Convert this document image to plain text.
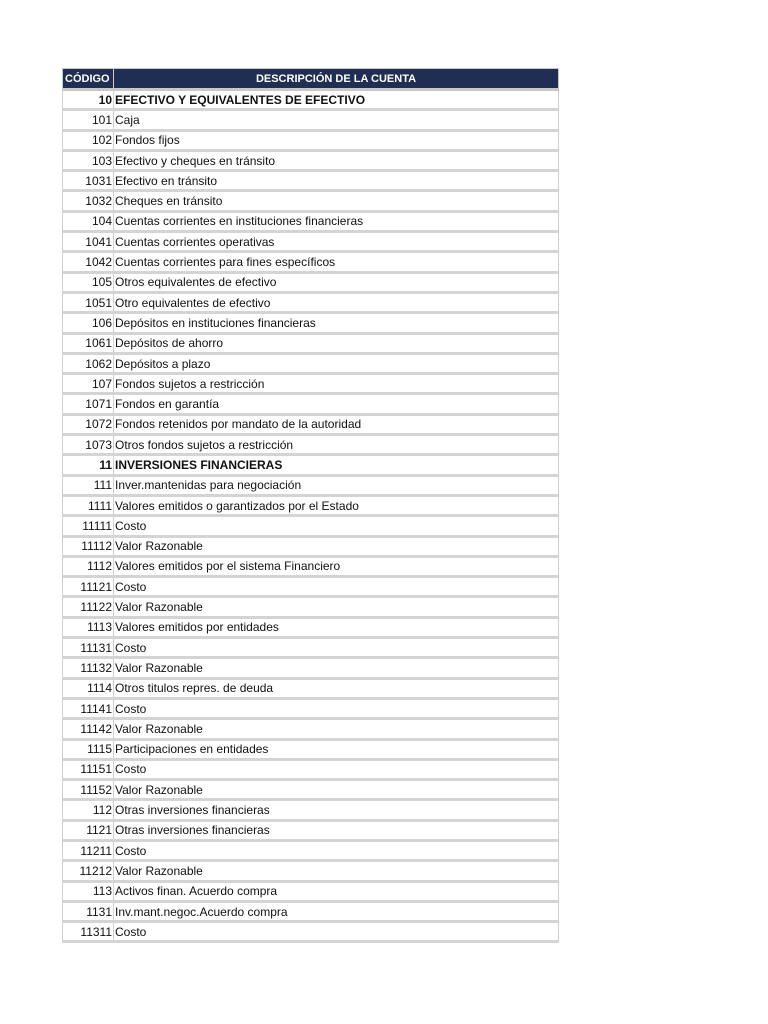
CÓDIGO	DESCRIPCIÓN DE LA CUENTA
10	EFECTIVO Y EQUIVALENTES DE EFECTIVO
101	Caja
102	Fondos fijos
103	Efectivo y cheques en tránsito
1031	Efectivo en tránsito
1032	Cheques en tránsito
104	Cuentas corrientes en instituciones financieras
1041	Cuentas corrientes operativas
1042	Cuentas corrientes para fines específicos
105	Otros equivalentes de efectivo
1051	Otro equivalentes de efectivo
106	Depósitos en instituciones financieras
1061	Depósitos de ahorro
1062	Depósitos a plazo
107	Fondos sujetos a restricción
1071	Fondos en garantía
1072	Fondos retenidos por mandato de la autoridad
1073	Otros fondos sujetos a restricción
11	INVERSIONES FINANCIERAS
111	Inver.mantenidas para negociación
1111	Valores emitidos o garantizados por el Estado
11111	Costo
11112	Valor Razonable
1112	Valores emitidos por el sistema Financiero
11121	Costo
11122	Valor Razonable
1113	Valores emitidos por entidades
11131	Costo
11132	Valor Razonable
1114	Otros titulos repres. de deuda
11141	Costo
11142	Valor Razonable
1115	Participaciones en entidades
11151	Costo
11152	Valor Razonable
112	Otras inversiones financieras
1121	Otras inversiones financieras
11211	Costo
11212	Valor Razonable
113	Activos finan. Acuerdo compra
1131	Inv.mant.negoc.Acuerdo compra
11311	Costo
